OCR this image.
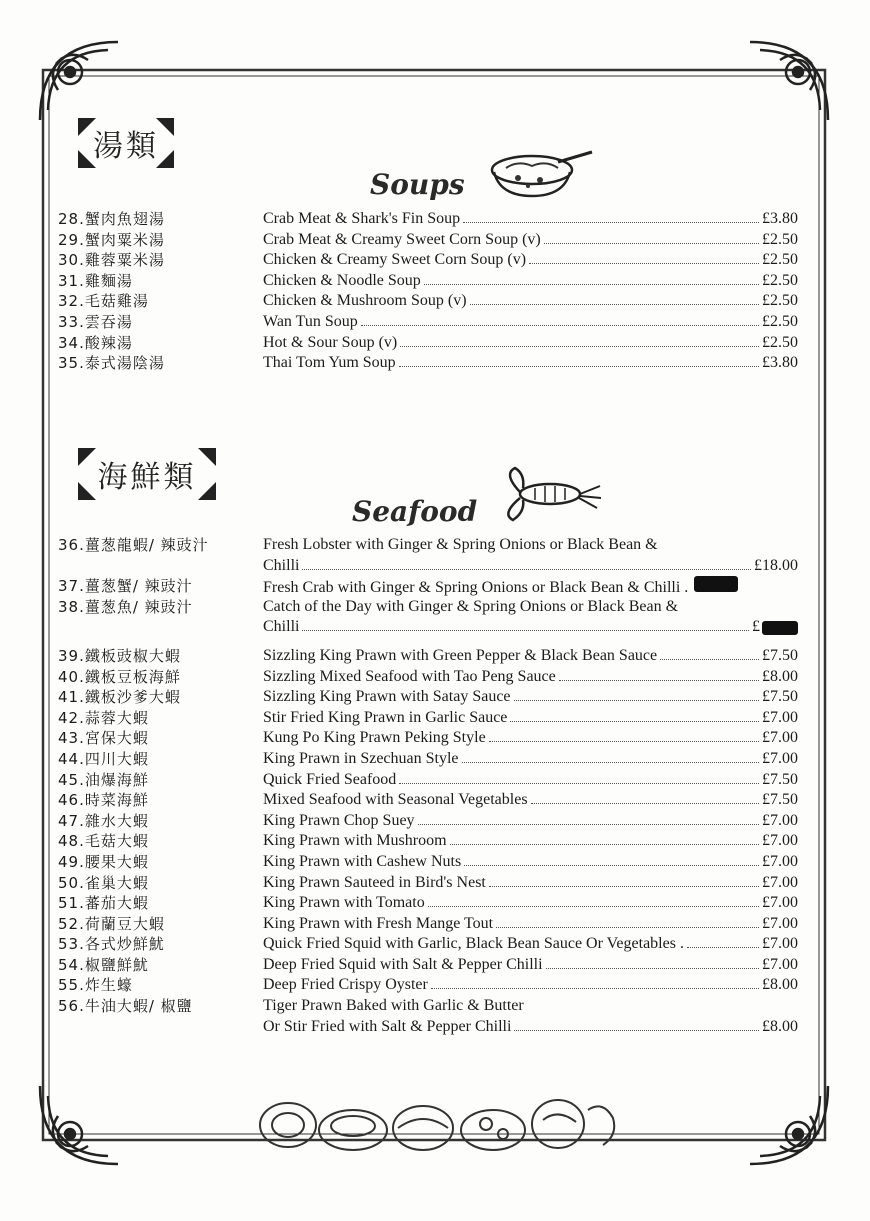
湯類
Soups
28.蟹肉魚翅湯	Crab Meat & Shark's Fin Soup	£3.80
29.蟹肉粟米湯	Crab Meat & Creamy Sweet Corn Soup (v)	£2.50
30.雞蓉粟米湯	Chicken & Creamy Sweet Corn Soup (v)	£2.50
31.雞麵湯	Chicken & Noodle Soup	£2.50
32.毛菇雞湯	Chicken & Mushroom Soup (v)	£2.50
33.雲吞湯	Wan Tun Soup	£2.50
34.酸辣湯	Hot & Sour Soup (v)	£2.50
35.泰式湯陰湯	Thai Tom Yum Soup	£3.80
海鮮類
Seafood
36.薑葱龍蝦/ 辣豉汁	Fresh Lobster with Ginger & Spring Onions or Black Bean &
Chilli	£18.00
37.薑葱蟹/ 辣豉汁	Fresh Crab with Ginger & Spring Onions or Black Bean & Chilli .
38.薑葱魚/ 辣豉汁	Catch of the Day with Ginger & Spring Onions or Black Bean &
Chilli	£
39.鐵板豉椒大蝦	Sizzling King Prawn with Green Pepper & Black Bean Sauce	£7.50
40.鐵板豆板海鮮	Sizzling Mixed Seafood with Tao Peng Sauce	£8.00
41.鐵板沙爹大蝦	Sizzling King Prawn with Satay Sauce	£7.50
42.蒜蓉大蝦	Stir Fried King Prawn in Garlic Sauce	£7.00
43.宮保大蝦	Kung Po King Prawn Peking Style	£7.00
44.四川大蝦	King Prawn in Szechuan Style	£7.00
45.油爆海鮮	Quick Fried Seafood	£7.50
46.時菜海鮮	Mixed Seafood with Seasonal Vegetables	£7.50
47.雜水大蝦	King Prawn Chop Suey	£7.00
48.毛菇大蝦	King Prawn with Mushroom	£7.00
49.腰果大蝦	King Prawn with Cashew Nuts	£7.00
50.雀巢大蝦	King Prawn Sauteed in Bird's Nest	£7.00
51.蕃茄大蝦	King Prawn with Tomato	£7.00
52.荷蘭豆大蝦	King Prawn with Fresh Mange Tout	£7.00
53.各式炒鮮魷	Quick Fried Squid with Garlic, Black Bean Sauce Or Vegetables .	£7.00
54.椒鹽鮮魷	Deep Fried Squid with Salt & Pepper Chilli	£7.00
55.炸生蠔	Deep Fried Crispy Oyster	£8.00
56.牛油大蝦/ 椒鹽	Tiger Prawn Baked with Garlic & Butter
Or Stir Fried with Salt & Pepper Chilli	£8.00
